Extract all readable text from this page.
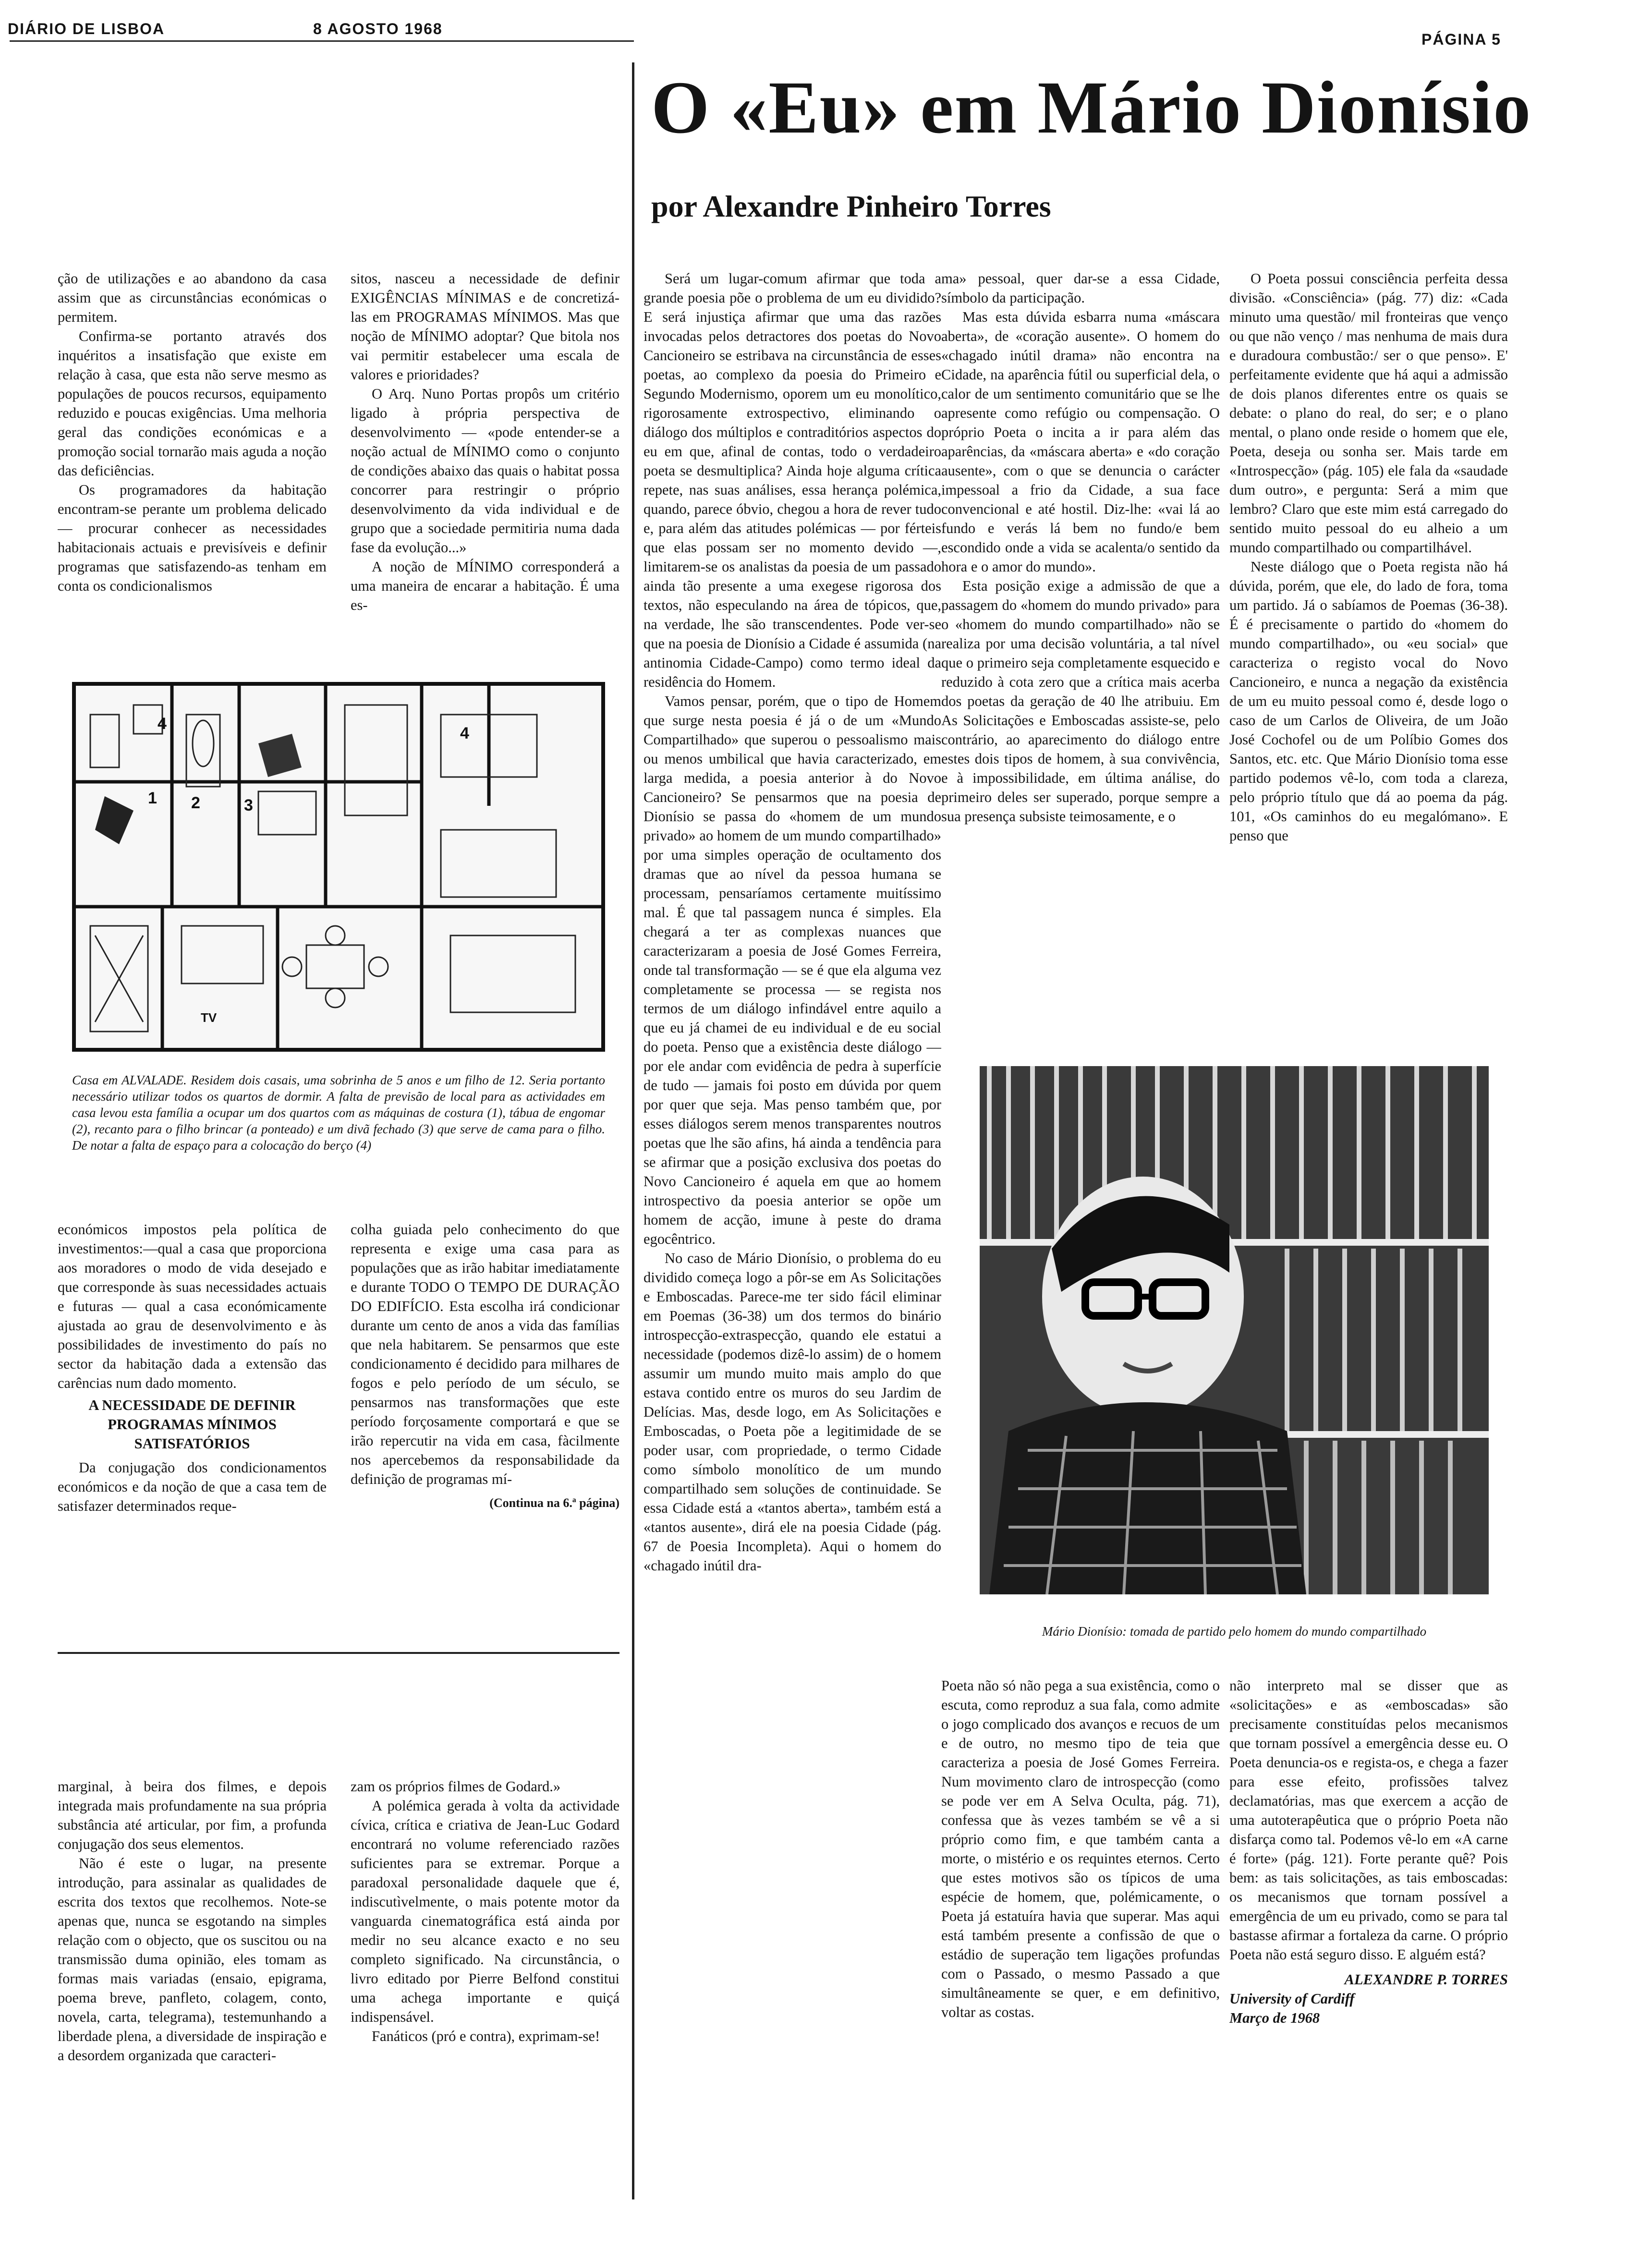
DIÁRIO DE LISBOA	8 AGOSTO 1968
PÁGINA 5
O «Eu» em Mário Dionísio
por Alexandre Pinheiro Torres

ção de utilizações e ao abandono da casa assim que as circunstâncias económicas o permitem.

Confirma-se portanto através dos inquéritos a insatisfação que existe em relação à casa, que esta não serve mesmo as populações de poucos recursos, equipamento reduzido e poucas exigências. Uma melhoria geral das condições económicas e a promoção social tornarão mais aguda a noção das deficiências.

Os programadores da habitação encontram-se perante um problema delicado — procurar conhecer as necessidades habitacionais actuais e previsíveis e definir programas que satisfazendo-as tenham em conta os condicionalismos

sitos, nasceu a necessidade de definir EXIGÊNCIAS MÍNIMAS e de concretizá-las em PROGRAMAS MÍNIMOS. Mas que noção de MÍNIMO adoptar? Que bitola nos vai permitir estabelecer uma escala de valores e prioridades?

O Arq. Nuno Portas propôs um critério ligado à própria perspectiva de desenvolvimento — «pode entender-se a noção actual de MÍNIMO como o conjunto de condições abaixo das quais o habitat possa concorrer para restringir o próprio desenvolvimento da vida individual e de grupo que a sociedade permitiria numa dada fase da evolução...»

A noção de MÍNIMO corresponderá a uma maneira de encarar a habitação. É uma es-

4
1 2	3
4
TV

Casa em ALVALADE. Residem dois casais, uma sobrinha de 5 anos e um filho de 12. Seria portanto necessário utilizar todos os quartos de dormir. A falta de previsão de local para as actividades em casa levou esta família a ocupar um dos quartos com as máquinas de costura (1), tábua de engomar (2), recanto para o filho brincar (a ponteado) e um divã fechado (3) que serve de cama para o filho. De notar a falta de espaço para a colocação do berço (4)

económicos impostos pela política de investimentos:—qual a casa que proporciona aos moradores o modo de vida desejado e que corresponde às suas necessidades actuais e futuras — qual a casa económicamente ajustada ao grau de desenvolvimento e às possibilidades de investimento do país no sector da habitação dada a extensão das carências num dado momento.

A NECESSIDADE DE DEFINIR PROGRAMAS MÍNIMOS SATISFATÓRIOS

Da conjugação dos condicionamentos económicos e da noção de que a casa tem de satisfazer determinados reque-

colha guiada pelo conhecimento do que representa e exige uma casa para as populações que as irão habitar imediatamente e durante TODO O TEMPO DE DURAÇÃO DO EDIFÍCIO. Esta escolha irá condicionar durante um cento de anos a vida das famílias que nela habitarem. Se pensarmos que este condicionamento é decidido para milhares de fogos e pelo período de um século, se pensarmos nas transformações que este período forçosamente comportará e que se irão repercutir na vida em casa, fàcilmente nos apercebemos da responsabilidade da definição de programas mí-

(Continua na 6.ª página)

marginal, à beira dos filmes, e depois integrada mais profundamente na sua própria substância até articular, por fim, a profunda conjugação dos seus elementos.

Não é este o lugar, na presente introdução, para assinalar as qualidades de escrita dos textos que recolhemos. Note-se apenas que, nunca se esgotando na simples relação com o objecto, que os suscitou ou na transmissão duma opinião, eles tomam as formas mais variadas (ensaio, epigrama, poema breve, panfleto, colagem, conto, novela, carta, telegrama), testemunhando a liberdade plena, a diversidade de inspiração e a desordem organizada que caracteri-

zam os próprios filmes de Godard.»

A polémica gerada à volta da actividade cívica, crítica e criativa de Jean-Luc Godard encontrará no volume referenciado razões suficientes para se extremar. Porque a paradoxal personalidade daquele que é, indiscutìvelmente, o mais potente motor da vanguarda cinematográfica está ainda por medir no seu alcance exacto e no seu completo significado. Na circunstância, o livro editado por Pierre Belfond constitui uma achega importante e quiçá indispensável.

Fanáticos (pró e contra), exprimam-se!

Será um lugar-comum afirmar que toda a grande poesia põe o problema de um eu dividido? E será injustiça afirmar que uma das razões invocadas pelos detractores dos poetas do Novo Cancioneiro se estribava na circunstância de esses poetas, ao complexo da poesia do Primeiro e Segundo Modernismo, oporem um eu monolítico, rigorosamente extrospectivo, eliminando o diálogo dos múltiplos e contraditórios aspectos do eu em que, afinal de contas, todo o verdadeiro poeta se desmultiplica? Ainda hoje alguma crítica repete, nas suas análises, essa herança polémica, quando, parece óbvio, chegou a hora de rever tudo e, para além das atitudes polémicas — por férteis que elas possam ser no momento devido —, limitarem-se os analistas da poesia de um passado ainda tão presente a uma exegese rigorosa dos textos, não especulando na área de tópicos, que, na verdade, lhe são transcendentes. Pode ver-se que na poesia de Dionísio a Cidade é assumida (na antinomia Cidade-Campo) como termo ideal da residência do Homem.

Vamos pensar, porém, que o tipo de Homem que surge nesta poesia é já o de um «Mundo Compartilhado» que superou o pessoalismo mais ou menos umbilical que havia caracterizado, em larga medida, a poesia anterior à do Novo Cancioneiro? Se pensarmos que na poesia de Dionísio se passa do «homem de um mundo privado» ao homem de um mundo compartilhado» por uma simples operação de ocultamento dos dramas que ao nível da pessoa humana se processam, pensaríamos certamente muitíssimo mal. É que tal passagem nunca é simples. Ela chegará a ter as complexas nuances que caracterizaram a poesia de José Gomes Ferreira, onde tal transformação — se é que ela alguma vez completamente se processa — se regista nos termos de um diálogo infindável entre aquilo a que eu já chamei de eu individual e de eu social do poeta. Penso que a existência deste diálogo — por ele andar com evidência de pedra à superfície de tudo — jamais foi posto em dúvida por quem por quer que seja. Mas penso também que, por esses diálogos serem menos transparentes noutros poetas que lhe são afins, há ainda a tendência para se afirmar que a posição exclusiva dos poetas do Novo Cancioneiro é aquela em que ao homem introspectivo da poesia anterior se opõe um homem de acção, imune à peste do drama egocêntrico.

No caso de Mário Dionísio, o problema do eu dividido começa logo a pôr-se em As Solicitações e Emboscadas. Parece-me ter sido fácil eliminar em Poemas (36-38) um dos termos do binário introspecção-extraspecção, quando ele estatui a necessidade (podemos dizê-lo assim) de o homem assumir um mundo muito mais amplo do que estava contido entre os muros do seu Jardim de Delícias. Mas, desde logo, em As Solicitações e Emboscadas, o Poeta põe a legitimidade de se poder usar, com propriedade, o termo Cidade como símbolo monolítico de um mundo compartilhado sem soluções de continuidade. Se essa Cidade está a «tantos aberta», também está a «tantos ausente», dirá ele na poesia Cidade (pág. 67 de Poesia Incompleta). Aqui o homem do «chagado inútil dra-

ma» pessoal, quer dar-se a essa Cidade, símbolo da participação.

Mas esta dúvida esbarra numa «máscara aberta», de «coração ausente». O homem do «chagado inútil drama» não encontra na Cidade, na aparência fútil ou superficial dela, o calor de um sentimento comunitário que se lhe apresente como refúgio ou compensação. O próprio Poeta o incita a ir para além das aparências, da «máscara aberta» e «do coração ausente», com o que se denuncia o carácter impessoal a frio da Cidade, a sua face convencional e até hostil. Diz-lhe: «vai lá ao fundo e verás lá bem no fundo/e bem escondido onde a vida se acalenta/o sentido da hora e o amor do mundo».

Esta posição exige a admissão de que a passagem do «homem do mundo privado» para o «homem do mundo compartilhado» não se realiza por uma decisão voluntária, a tal nível que o primeiro seja completamente esquecido e reduzido à cota zero que a crítica mais acerba dos poetas da geração de 40 lhe atribuiu. Em As Solicitações e Emboscadas assiste-se, pelo contrário, ao aparecimento do diálogo entre estes dois tipos de homem, à sua convivência, e à impossibilidade, em última análise, do primeiro deles ser superado, porque sempre a sua presença subsiste teimosamente, e o

O Poeta possui consciência perfeita dessa divisão. «Consciência» (pág. 77) diz: «Cada minuto uma questão/ mil fronteiras que venço ou que não venço / mas nenhuma de mais dura e duradoura combustão:/ ser o que penso». E' perfeitamente evidente que há aqui a admissão de dois planos diferentes entre os quais se debate: o plano do real, do ser; e o plano mental, o plano onde reside o homem que ele, Poeta, deseja ou sonha ser. Mais tarde em «Introspecção» (pág. 105) ele fala da «saudade dum outro», e pergunta: Será a mim que lembro? Claro que este mim está carregado do sentido muito pessoal do eu alheio a um mundo compartilhado ou compartilhável.

Neste diálogo que o Poeta regista não há dúvida, porém, que ele, do lado de fora, toma um partido. Já o sabíamos de Poemas (36-38). É é precisamente o partido do «homem do mundo compartilhado», ou «eu social» que caracteriza o registo vocal do Novo Cancioneiro, e nunca a negação da existência de um eu muito pessoal como é, desde logo o caso de um Carlos de Oliveira, de um João José Cochofel ou de um Políbio Gomes dos Santos, etc. etc. Que Mário Dionísio toma esse partido podemos vê-lo, com toda a clareza, pelo próprio título que dá ao poema da pág. 101, «Os caminhos do eu megalómano». E penso que

Mário Dionísio: tomada de partido pelo homem do mundo compartilhado

Poeta não só não pega a sua existência, como o escuta, como reproduz a sua fala, como admite o jogo complicado dos avanços e recuos de um e de outro, no mesmo tipo de teia que caracteriza a poesia de José Gomes Ferreira. Num movimento claro de introspecção (como se pode ver em A Selva Oculta, pág. 71), confessa que às vezes também se vê a si próprio como fim, e que também canta a morte, o mistério e os requintes eternos. Certo que estes motivos são os típicos de uma espécie de homem, que, polémicamente, o Poeta já estatuíra havia que superar. Mas aqui está também presente a confissão de que o estádio de superação tem ligações profundas com o Passado, o mesmo Passado a que simultâneamente se quer, e em definitivo, voltar as costas.

não interpreto mal se disser que as «solicitações» e as «emboscadas» são precisamente constituídas pelos mecanismos que tornam possível a emergência desse eu. O Poeta denuncia-os e regista-os, e chega a fazer para esse efeito, profissões talvez declamatórias, mas que exercem a acção de uma autoterapêutica que o próprio Poeta não disfarça como tal. Podemos vê-lo em «A carne é forte» (pág. 121). Forte perante quê? Pois bem: as tais solicitações, as tais emboscadas: os mecanismos que tornam possível a emergência de um eu privado, como se para tal bastasse afirmar a fortaleza da carne. O próprio Poeta não está seguro disso. E alguém está?

ALEXANDRE P. TORRES

University of Cardiff

Março de 1968
